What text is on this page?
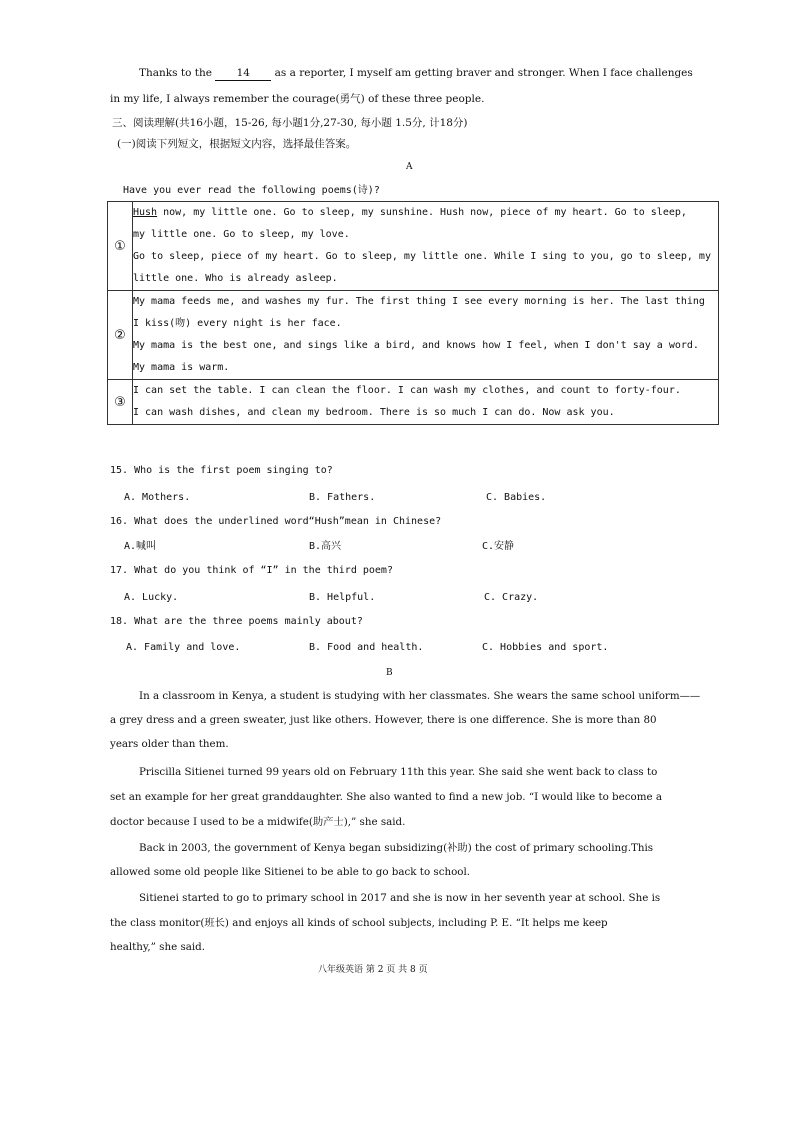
Thanks to the 14 as a reporter, I myself am getting braver and stronger. When I face challenges
in my life, I always remember the courage(勇气) of these three people.
三、阅读理解(共16小题，15-26, 每小题1分,27-30, 每小题 1.5分, 计18分)
(一)阅读下列短文，根据短文内容，选择最佳答案。
A
Have you ever read the following poems(诗)?
①	Hush now, my little one. Go to sleep, my sunshine. Hush now, piece of my heart. Go to sleep,
my little one. Go to sleep, my love.
Go to sleep, piece of my heart. Go to sleep, my little one. While I sing to you, go to sleep, my
little one. Who is already asleep.

②	My mama feeds me, and washes my fur. The first thing I see every morning is her. The last thing
I kiss(吻) every night is her face.
My mama is the best one, and sings like a bird, and knows how I feel, when I don't say a word.
My mama is warm.

③	I can set the table. I can clean the floor. I can wash my clothes, and count to forty-four.
I can wash dishes, and clean my bedroom. There is so much I can do. Now ask you.
15. Who is the first poem singing to?
A. Mothers.	B. Fathers.	C. Babies.
16. What does the underlined word“Hush”mean in Chinese?
A.喊叫	B.高兴	C.安静
17. What do you think of “I” in the third poem?
A. Lucky.	B. Helpful.	C. Crazy.
18. What are the three poems mainly about?
A. Family and love.	B. Food and health.	C. Hobbies and sport.
B
In a classroom in Kenya, a student is studying with her classmates. She wears the same school uniform——
a grey dress and a green sweater, just like others. However, there is one difference. She is more than 80
years older than them.
Priscilla Sitienei turned 99 years old on February 11th this year. She said she went back to class to
set an example for her great granddaughter. She also wanted to find a new job. “I would like to become a
doctor because I used to be a midwife(助产士),” she said.
Back in 2003, the government of Kenya began subsidizing(补助) the cost of primary schooling.This
allowed some old people like Sitienei to be able to go back to school.
Sitienei started to go to primary school in 2017 and she is now in her seventh year at school. She is
the class monitor(班长) and enjoys all kinds of school subjects, including P. E. “It helps me keep
healthy,” she said.
八年级英语 第 2 页 共 8 页
